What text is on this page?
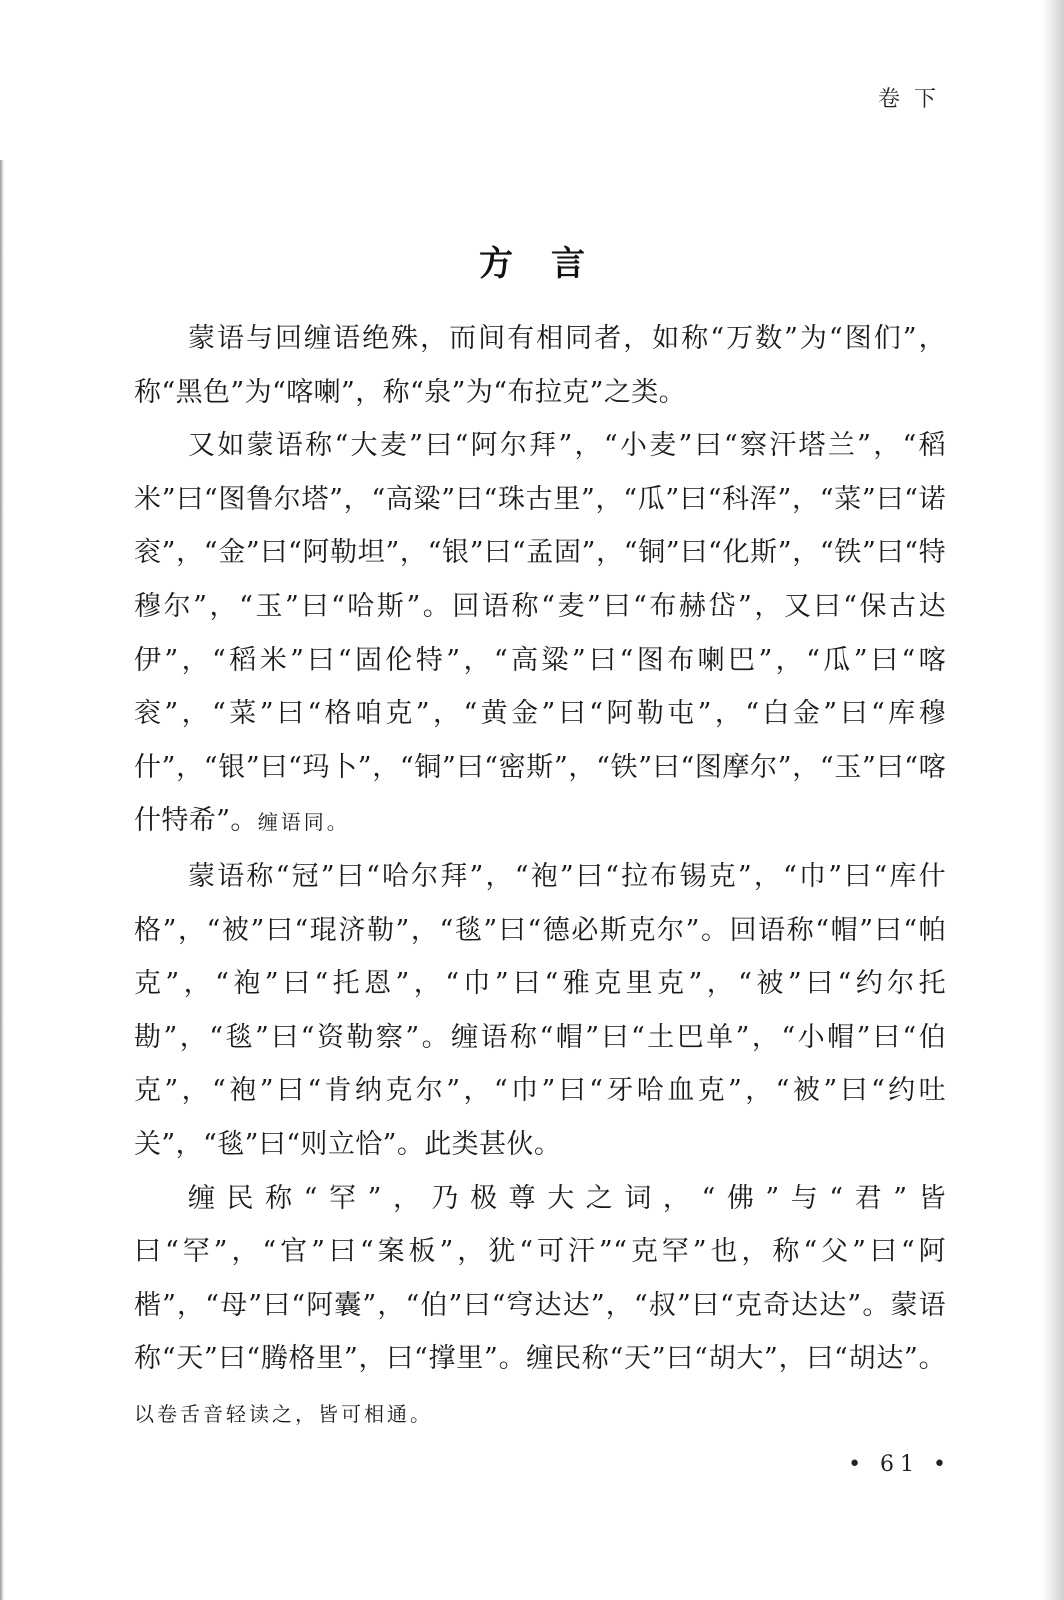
卷下
方言

蒙语与回缠语绝殊，而间有相同者，如称“万数”为“图们”，称“黑色”为“喀喇”，称“泉”为“布拉克”之类。

又如蒙语称“大麦”曰“阿尔拜”，“小麦”曰“察汗塔兰”，“稻米”曰“图鲁尔塔”，“高粱”曰“珠古里”，“瓜”曰“科浑”，“菜”曰“诺衮”，“金”曰“阿勒坦”，“银”曰“孟固”，“铜”曰“化斯”，“铁”曰“特穆尔”，“玉”曰“哈斯”。回语称“麦”曰“布赫岱”，又曰“保古达伊”，“稻米”曰“固伦特”，“高粱”曰“图布喇巴”，“瓜”曰“喀衮”，“菜”曰“格咱克”，“黄金”曰“阿勒屯”，“白金”曰“库穆什”，“银”曰“玛卜”，“铜”曰“密斯”，“铁”曰“图摩尔”，“玉”曰“喀什特希”。缠语同。

蒙语称“冠”曰“哈尔拜”，“袍”曰“拉布锡克”，“巾”曰“库什格”，“被”曰“琨济勒”，“毯”曰“德必斯克尔”。回语称“帽”曰“帕克”，“袍”曰“托恩”，“巾”曰“雅克里克”，“被”曰“约尔托勘”，“毯”曰“资勒察”。缠语称“帽”曰“土巴单”，“小帽”曰“伯克”，“袍”曰“肯纳克尔”，“巾”曰“牙哈血克”，“被”曰“约吐关”，“毯”曰“则立恰”。此类甚伙。

缠民称“罕”，乃极尊大之词，“佛”与“君”皆曰“罕”，“官”曰“案板”，犹“可汗”“克罕”也，称“父”曰“阿楷”，“母”曰“阿囊”，“伯”曰“穹达达”，“叔”曰“克奇达达”。蒙语称“天”曰“腾格里”，曰“撑里”。缠民称“天”曰“胡大”，曰“胡达”。以卷舌音轻读之，皆可相通。

• 61 •
